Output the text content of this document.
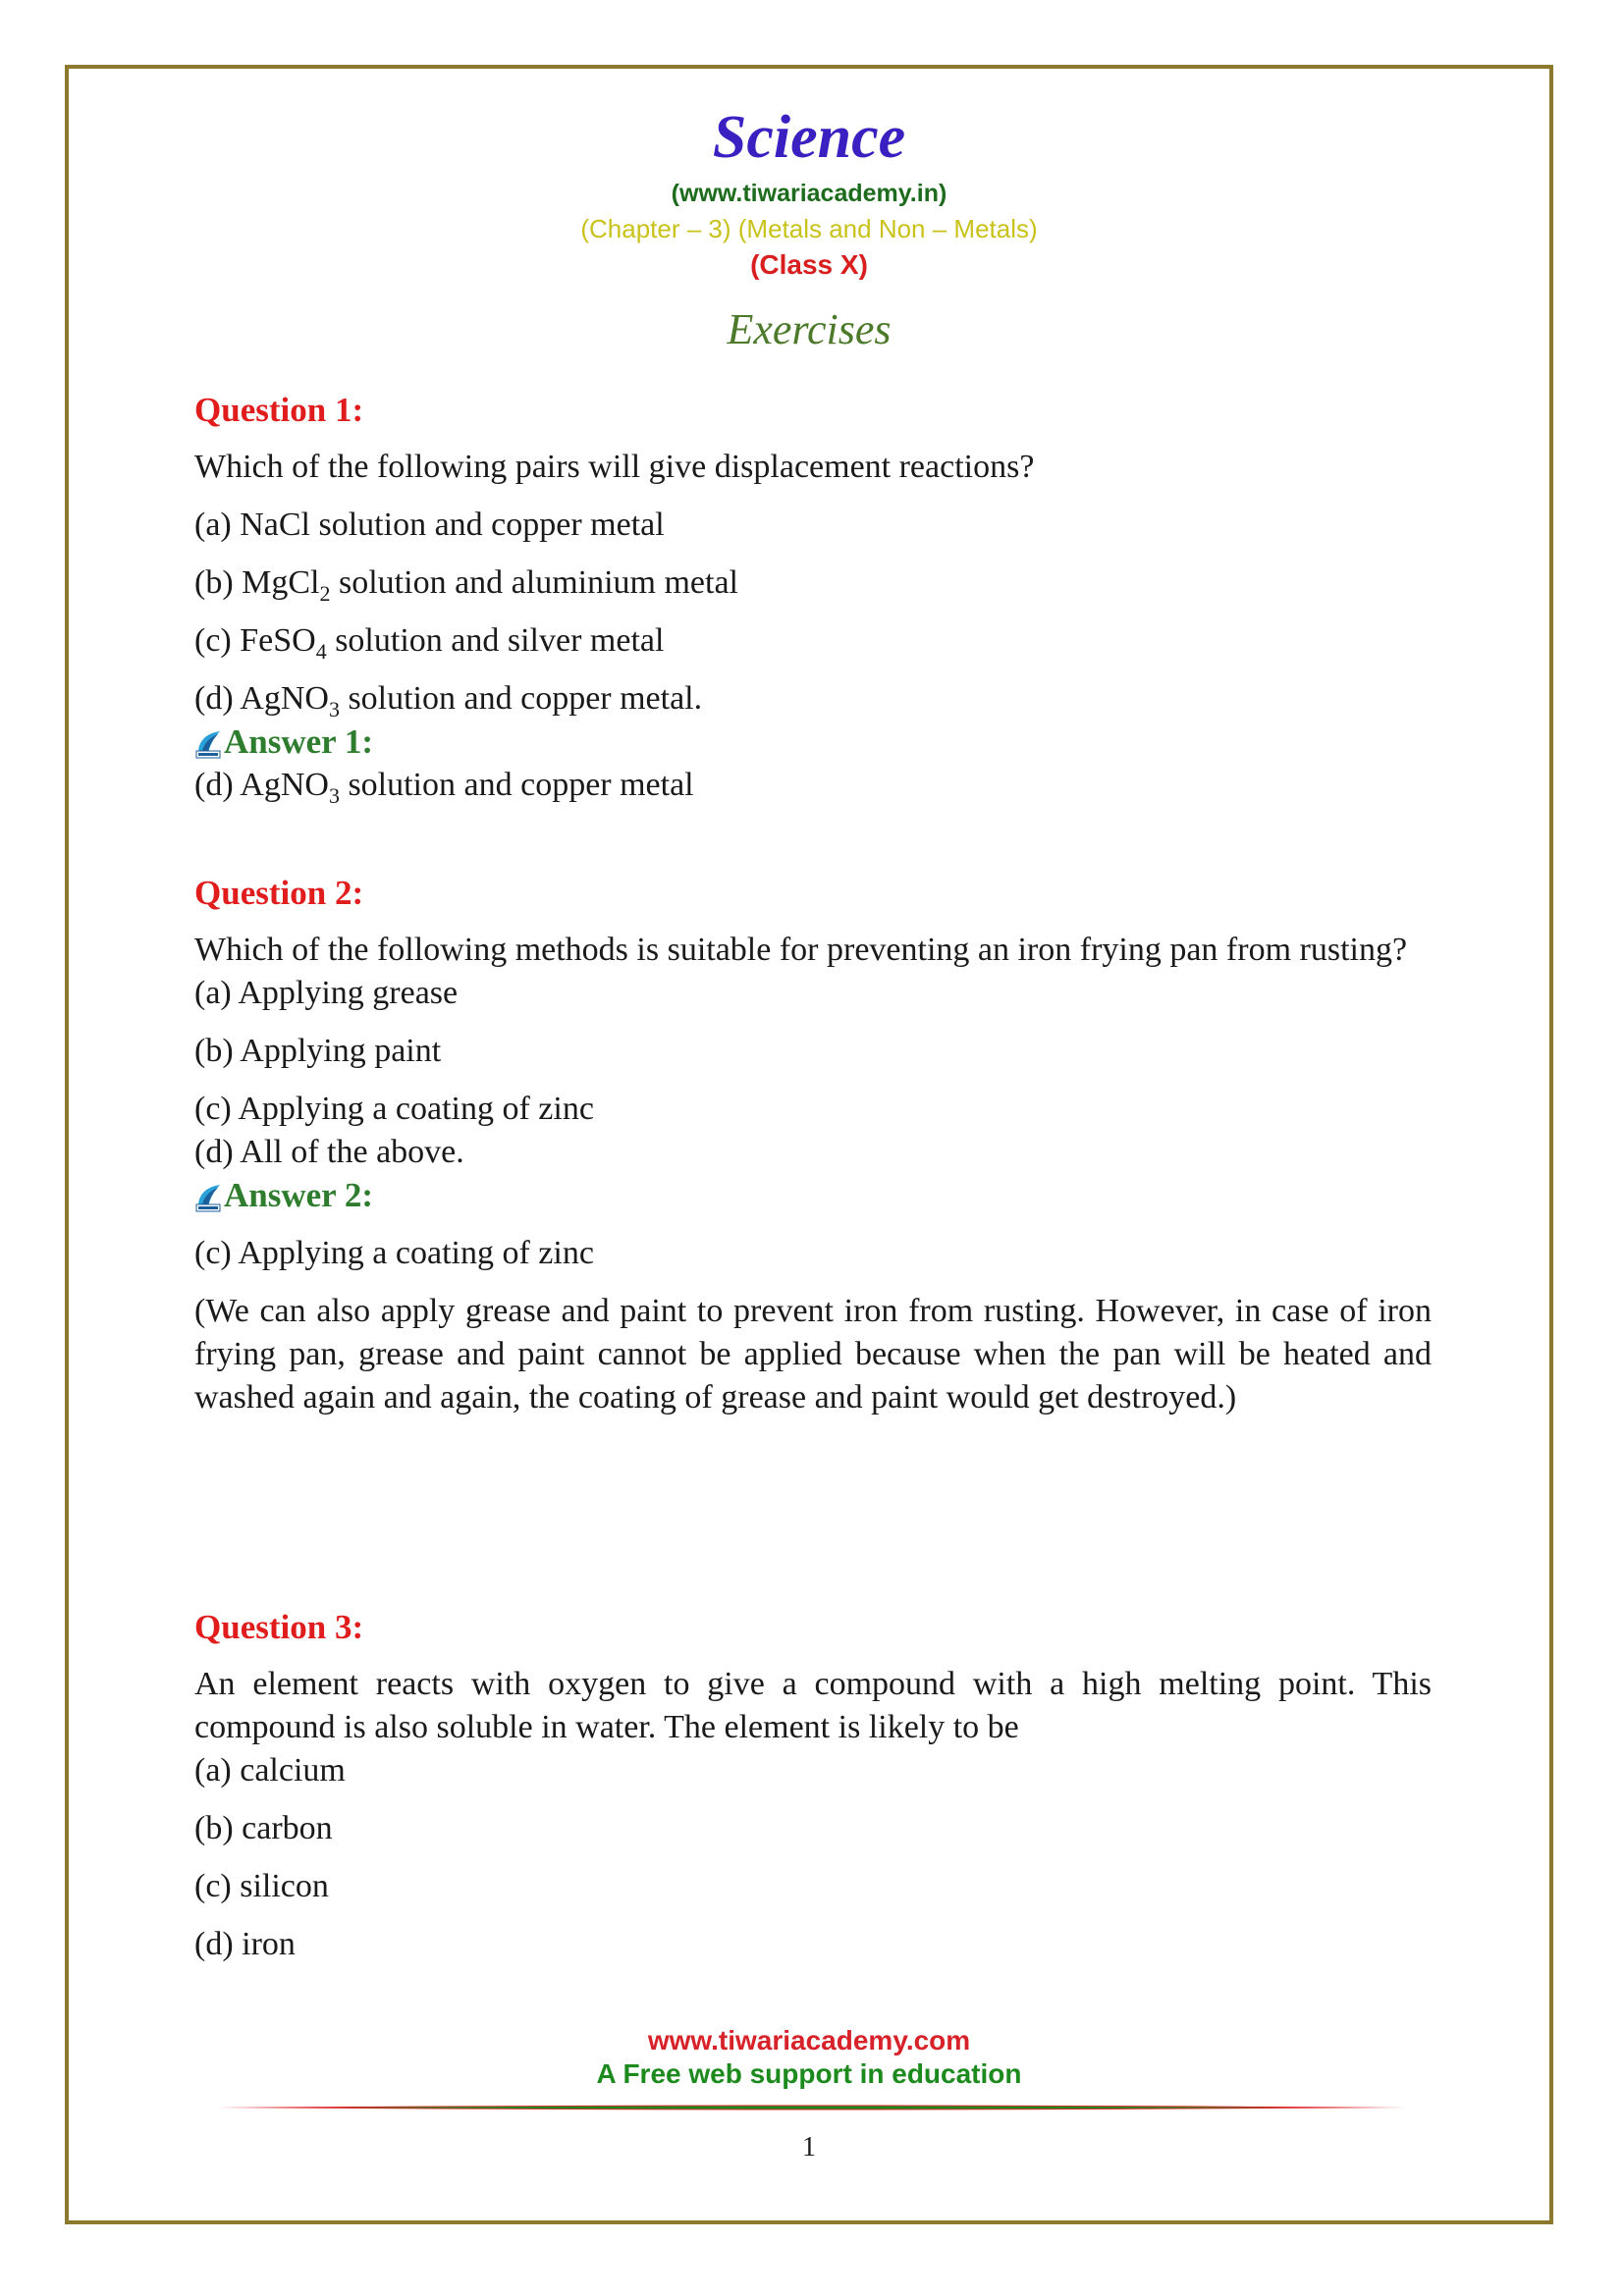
Science
(www.tiwariacademy.in)
(Chapter – 3) (Metals and Non – Metals)
(Class X)
Exercises
Question 1:
Which of the following pairs will give displacement reactions?
(a) NaCl solution and copper metal
(b) MgCl$_2$ solution and aluminium metal
(c) FeSO$_4$ solution and silver metal
(d) AgNO$_3$ solution and copper metal.
Answer 1:
(d) AgNO$_3$ solution and copper metal
Question 2:
Which of the following methods is suitable for preventing an iron frying pan from rusting?
(a) Applying grease
(b) Applying paint
(c) Applying a coating of zinc
(d) All of the above.
Answer 2:
(c) Applying a coating of zinc
(We can also apply grease and paint to prevent iron from rusting. However, in case of iron frying pan, grease and paint cannot be applied because when the pan will be heated and washed again and again, the coating of grease and paint would get destroyed.)
Question 3:
An element reacts with oxygen to give a compound with a high melting point. This compound is also soluble in water. The element is likely to be
(a) calcium
(b) carbon
(c) silicon
(d) iron
www.tiwariacademy.com
A Free web support in education
1
